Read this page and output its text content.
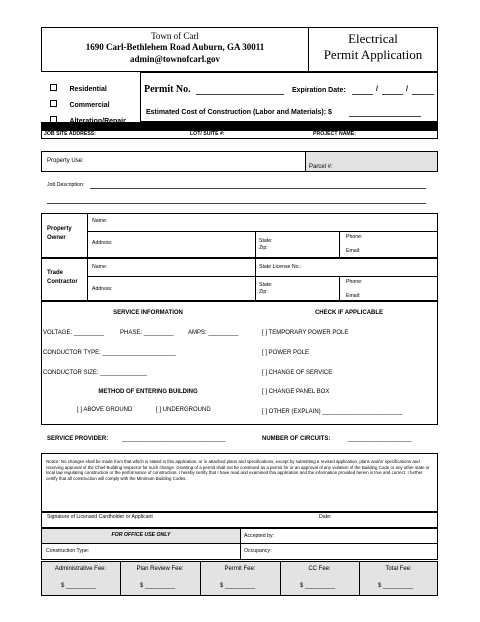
Town of Carl
1690 Carl-Bethlehem Road Auburn, GA 30011
admin@townofcarl.gov
Electrical
Permit Application
Residential
Commercial
Permit No.	Expiration Date:	/	/
Estimated Cost of Construction (Labor and Materials): $
JOB SITE ADDRESS:	LOT/ SUITE #:	PROJECT NAME:
Property Use:
Parcel #:
Job Description:
Property
Owner
Name:
Address:	State:
Zip:
Phone:
Email:
Trade
Contractor
Name:	State License No.:
Address:
State:
Zip:
Phone:
Email:
SERVICE INFORMATION
VOLTAGE: _________	PHASE: _________ AMPS: _________
CONDUCTOR TYPE: ______________________
CONDUCTOR SIZE: ______________
METHOD OF ENTERING BUILDING
[ ] ABOVE GROUND	[ ] UNDERGROUND
CHECK IF APPLICABLE
[ ] TEMPORARY POWER POLE
[ ] POWER POLE
[ ] CHANGE OF SERVICE
[ ] CHANGE PANEL BOX
[ ] OTHER (EXPLAIN) ________________________
SERVICE PROVIDER: _______________________________	NUMBER OF CIRCUITS:	___________________
Notice: No changes shall be made from that which is stated in this application, or in attached plans and specifications, except by submitting a revised application, plans and/or specifications and receiving approval of the Chief Building Inspector for such change. Granting of a permit shall not be construed as a permit for or an approval of any violation of the Building Code or any other state or local law regulating construction or the performance of construction. I hereby certify that I have read and examined this application and the information provided herein is true and correct. I further certify that all construction will comply with the Minimum Building Codes.
Signature of Licensed Cardholder or Applicant	Date:
FOR OFFICE USE ONLY	Accepted by:
Construction Type:	Occupancy:
Administrative Fee:
$ _________
Plan Review Fee:
$ _________
Permit Fee:
$ _________
CC Fee:
$ _________
Total Fee:
$ _________
